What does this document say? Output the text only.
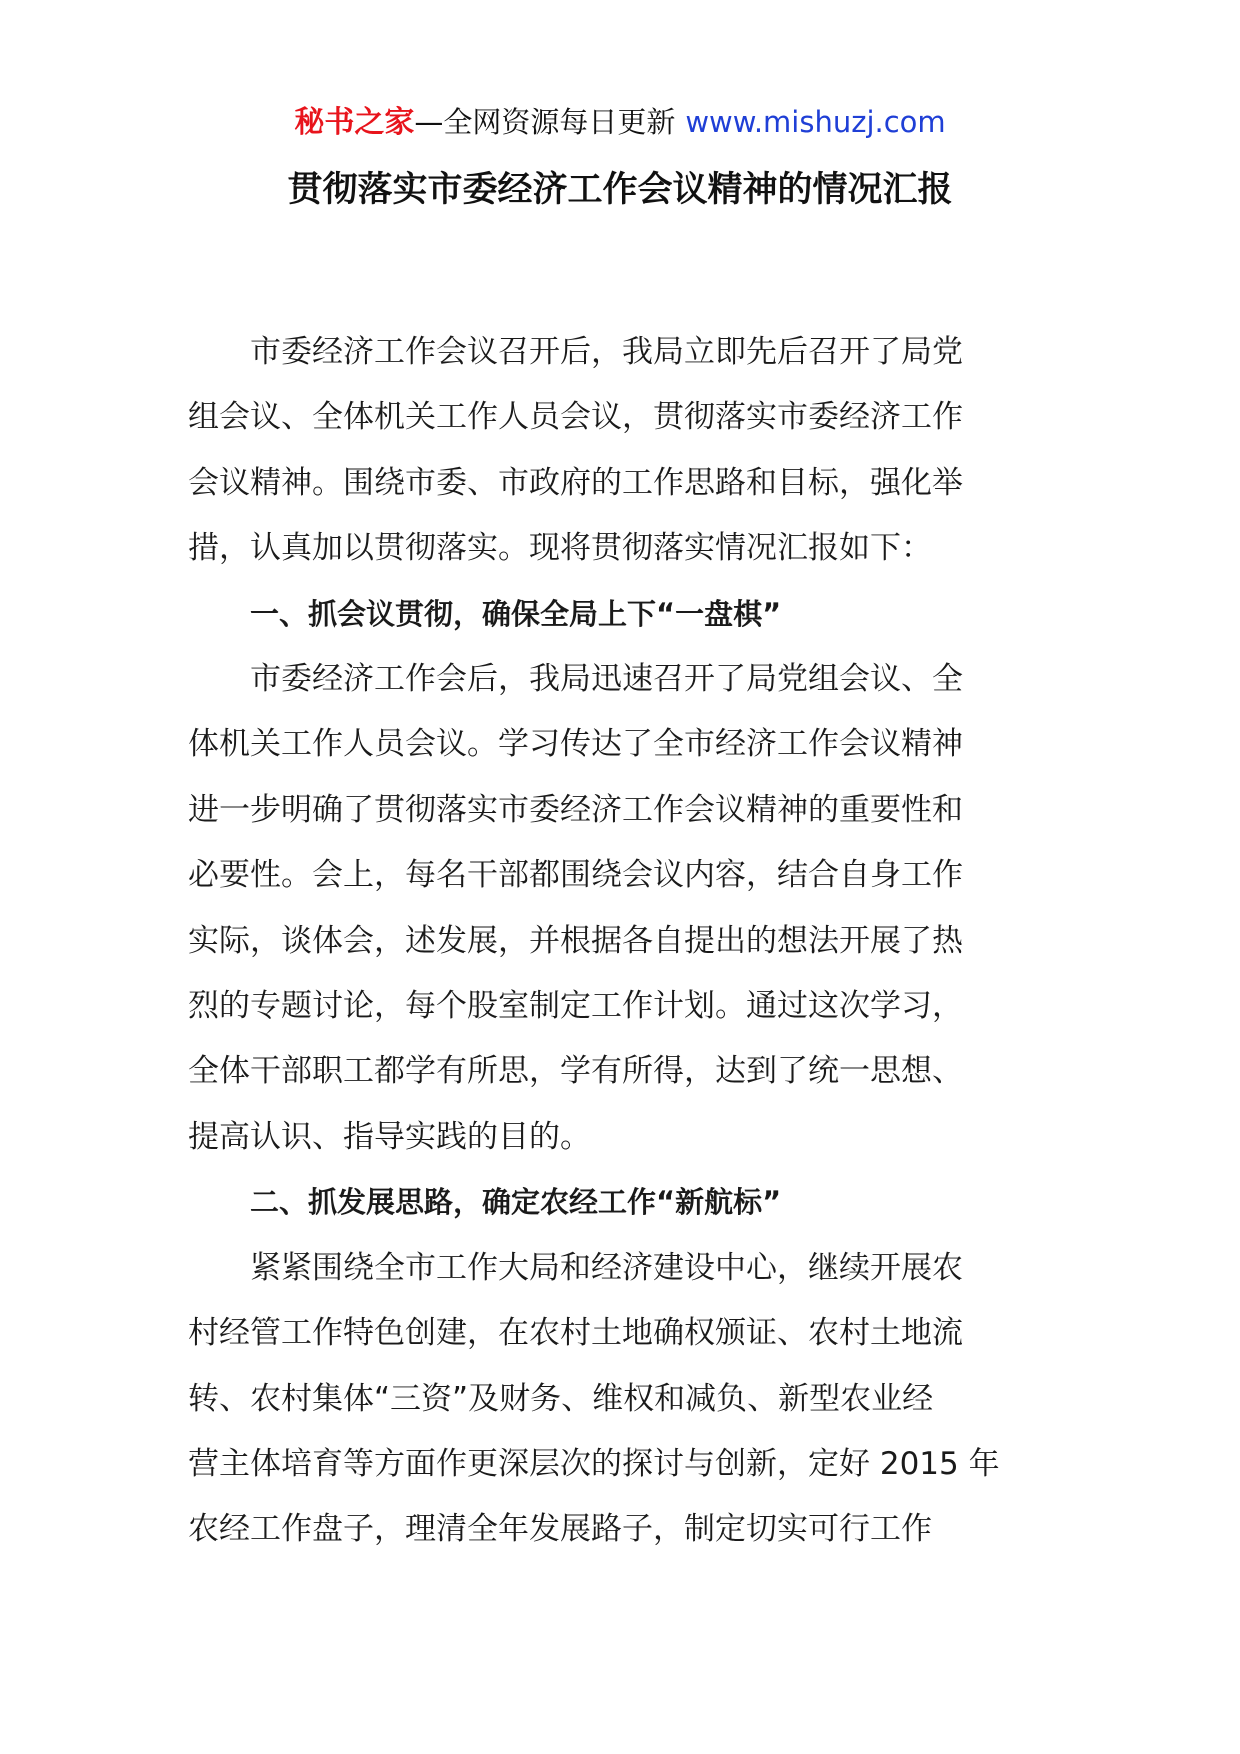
秘书之家—全网资源每日更新 www.mishuzj.com
贯彻落实市委经济工作会议精神的情况汇报

市委经济工作会议召开后，我局立即先后召开了局党
组会议、全体机关工作人员会议，贯彻落实市委经济工作
会议精神。围绕市委、市政府的工作思路和目标，强化举
措，认真加以贯彻落实。现将贯彻落实情况汇报如下：

一、抓会议贯彻，确保全局上下“一盘棋”

市委经济工作会后，我局迅速召开了局党组会议、全
体机关工作人员会议。学习传达了全市经济工作会议精神
进一步明确了贯彻落实市委经济工作会议精神的重要性和
必要性。会上，每名干部都围绕会议内容，结合自身工作
实际，谈体会，述发展，并根据各自提出的想法开展了热
烈的专题讨论，每个股室制定工作计划。通过这次学习，
全体干部职工都学有所思，学有所得，达到了统一思想、
提高认识、指导实践的目的。

二、抓发展思路，确定农经工作“新航标”

紧紧围绕全市工作大局和经济建设中心，继续开展农
村经管工作特色创建，在农村土地确权颁证、农村土地流
转、农村集体“三资”及财务、维权和减负、新型农业经
营主体培育等方面作更深层次的探讨与创新，定好 2015 年
农经工作盘子，理清全年发展路子，制定切实可行工作
